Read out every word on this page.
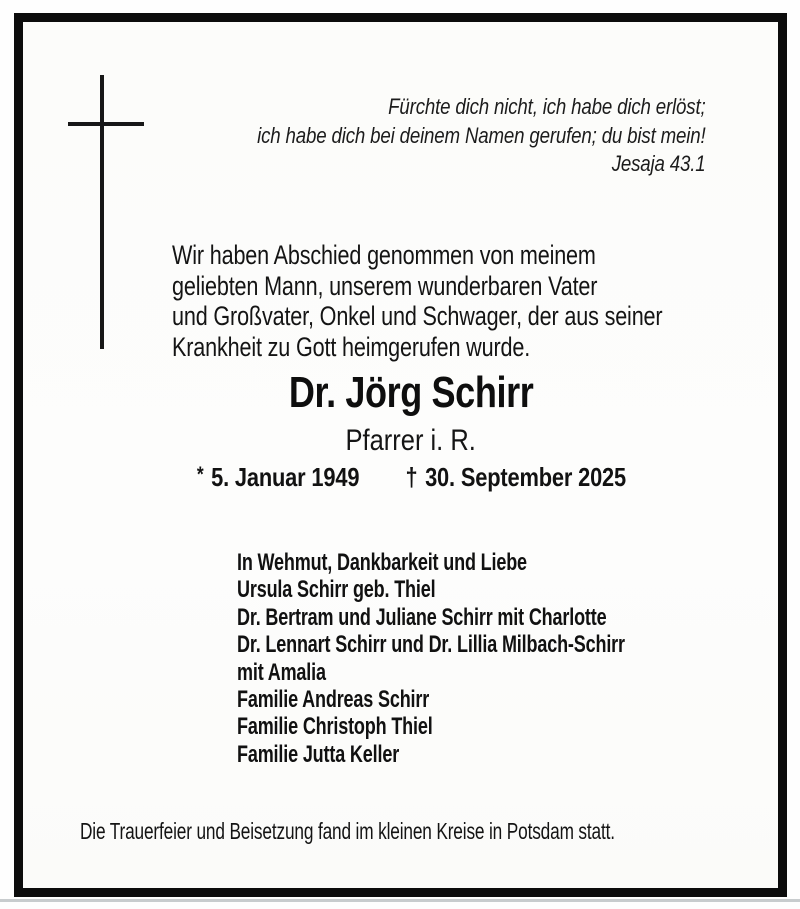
Fürchte dich nicht, ich habe dich erlöst;
ich habe dich bei deinem Namen gerufen; du bist mein!
Jesaja 43.1
Wir haben Abschied genommen von meinem
geliebten Mann, unserem wunderbaren Vater
und Großvater, Onkel und Schwager, der aus seiner
Krankheit zu Gott heimgerufen wurde.
Dr. Jörg Schirr
Pfarrer i. R.
* 5. Januar 1949 † 30. September 2025
In Wehmut, Dankbarkeit und Liebe
Ursula Schirr geb. Thiel
Dr. Bertram und Juliane Schirr mit Charlotte
Dr. Lennart Schirr und Dr. Lillia Milbach-Schirr
mit Amalia
Familie Andreas Schirr
Familie Christoph Thiel
Familie Jutta Keller
Die Trauerfeier und Beisetzung fand im kleinen Kreise in Potsdam statt.
